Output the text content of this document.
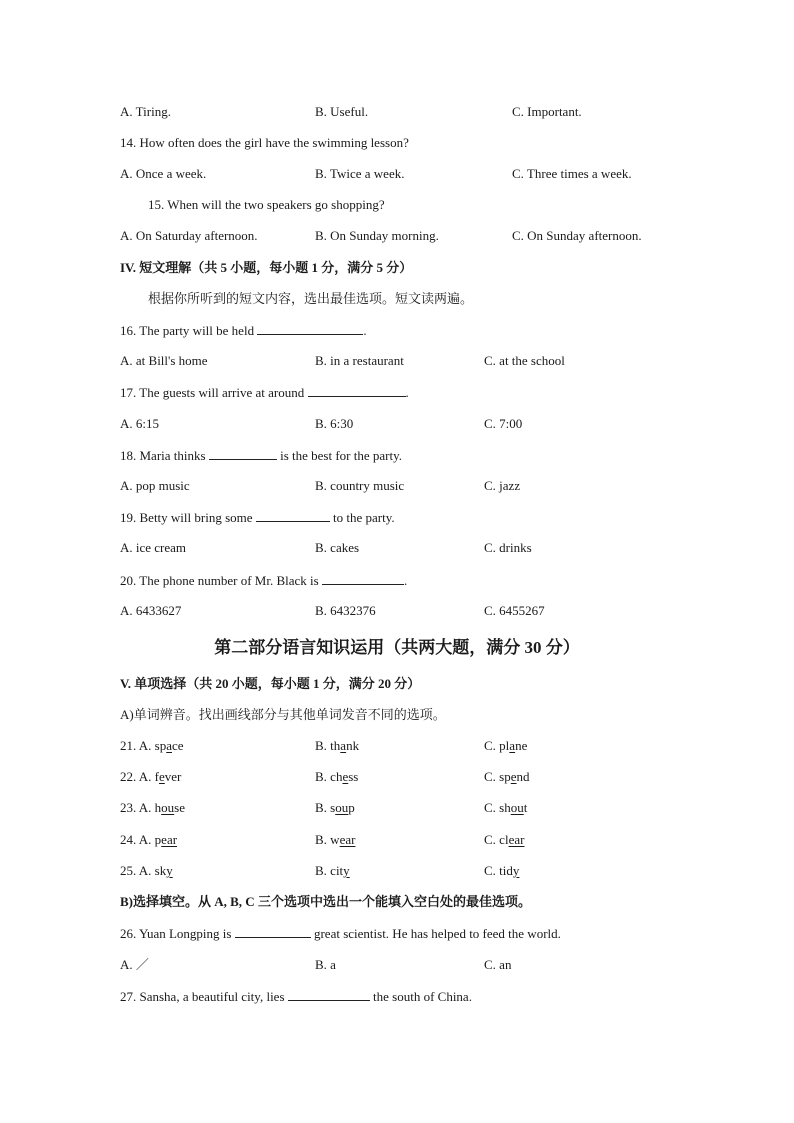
A. Tiring.	B. Useful.	C. Important.
14. How often does the girl have the swimming lesson?
A. Once a week.	B. Twice a week.	C. Three times a week.
15. When will the two speakers go shopping?
A. On Saturday afternoon.	B. On Sunday morning.	C. On Sunday afternoon.
IV. 短文理解（共 5 小题，每小题 1 分，满分 5 分）
根据你所听到的短文内容，选出最佳选项。短文读两遍。
16. The party will be held	.
A. at Bill's home	B. in a restaurant	C. at the school
17. The guests will arrive at around	.
A. 6:15	B. 6:30	C. 7:00
18. Maria thinks	is the best for the party.
A. pop music	B. country music	C. jazz
19. Betty will bring some	to the party.
A. ice cream	B. cakes	C. drinks
20. The phone number of Mr. Black is	.
A. 6433627	B. 6432376	C. 6455267
第二部分语言知识运用（共两大题，满分 30 分）
V. 单项选择（共 20 小题，每小题 1 分，满分 20 分）
A)单词辨音。找出画线部分与其他单词发音不同的选项。
21. A. space	B. thank	C. plane
22. A. fever	B. chess	C. spend
23. A. house	B. soup	C. shout
24. A. pear	B. wear	C. clear
25. A. sky	B. city	C. tidy
B)选择填空。从 A, B, C 三个选项中选出一个能填入空白处的最佳选项。
26. Yuan Longping is	great scientist. He has helped to feed the world.
A. ／	B. a	C. an
27. Sansha, a beautiful city, lies	the south of China.
